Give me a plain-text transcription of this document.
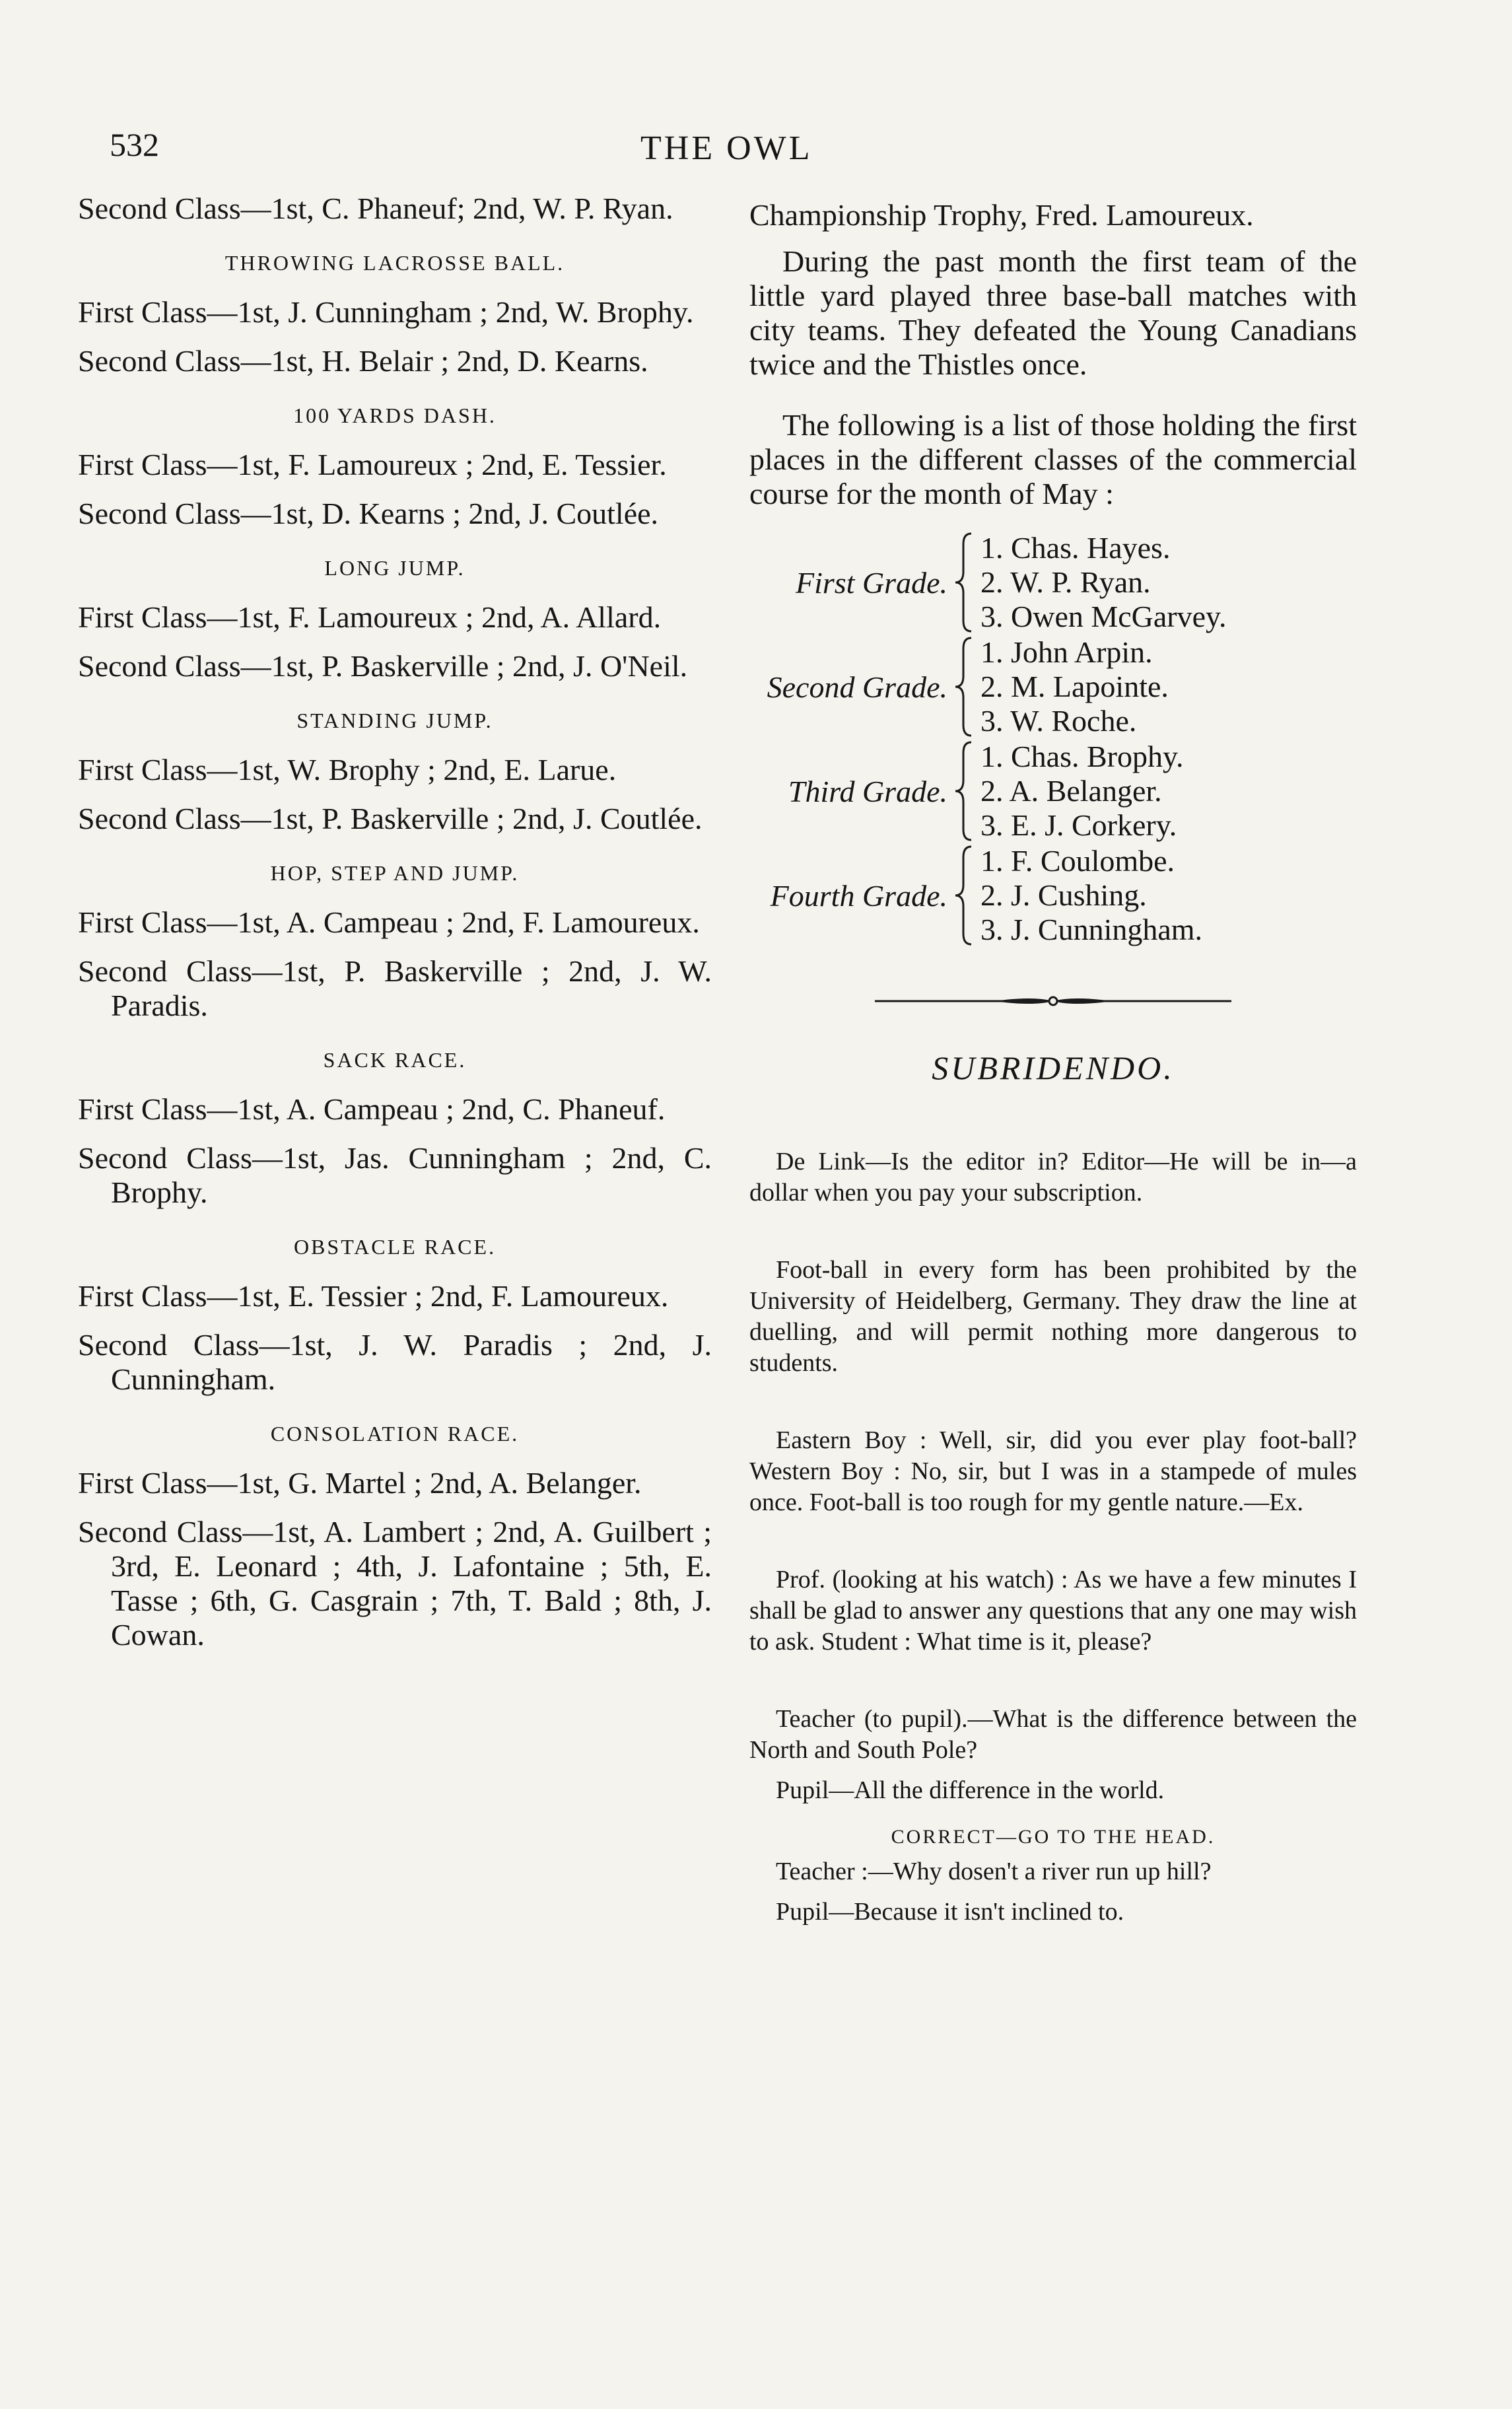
532	THE OWL

Second Class—1st, C. Phaneuf; 2nd, W. P. Ryan.

THROWING LACROSSE BALL.

First Class—1st, J. Cunningham ; 2nd, W. Brophy.

Second Class—1st, H. Belair ; 2nd, D. Kearns.

100 YARDS DASH.

First Class—1st, F. Lamoureux ; 2nd, E. Tessier.

Second Class—1st, D. Kearns ; 2nd, J. Coutlée.

LONG JUMP.

First Class—1st, F. Lamoureux ; 2nd, A. Allard.

Second Class—1st, P. Baskerville ; 2nd, J. O'Neil.

STANDING JUMP.

First Class—1st, W. Brophy ; 2nd, E. Larue.

Second Class—1st, P. Baskerville ; 2nd, J. Coutlée.

HOP, STEP AND JUMP.

First Class—1st, A. Campeau ; 2nd, F. Lamoureux.

Second Class—1st, P. Baskerville ; 2nd, J. W. Paradis.

SACK RACE.

First Class—1st, A. Campeau ; 2nd, C. Phaneuf.

Second Class—1st, Jas. Cunningham ; 2nd, C. Brophy.

OBSTACLE RACE.

First Class—1st, E. Tessier ; 2nd, F. Lamoureux.

Second Class—1st, J. W. Paradis ; 2nd, J. Cunningham.

CONSOLATION RACE.

First Class—1st, G. Martel ; 2nd, A. Belanger.

Second Class—1st, A. Lambert ; 2nd, A. Guilbert ; 3rd, E. Leonard ; 4th, J. Lafontaine ; 5th, E. Tasse ; 6th, G. Casgrain ; 7th, T. Bald ; 8th, J. Cowan.

Championship Trophy, Fred. Lamoureux.

During the past month the first team of the little yard played three base-ball matches with city teams. They defeated the Young Canadians twice and the Thistles once.

The following is a list of those holding the first places in the different classes of the commercial course for the month of May :

First Grade.
1. Chas. Hayes.
2. W. P. Ryan.
3. Owen McGarvey.
Second Grade.
1. John Arpin.
2. M. Lapointe.
3. W. Roche.
Third Grade.
1. Chas. Brophy.
2. A. Belanger.
3. E. J. Corkery.
Fourth Grade.
1. F. Coulombe.
2. J. Cushing.
3. J. Cunningham.
SUBRIDENDO.

De Link—Is the editor in? Editor—He will be in—a dollar when you pay your subscription.

Foot-ball in every form has been prohibited by the University of Heidelberg, Germany. They draw the line at duelling, and will permit nothing more dangerous to students.

Eastern Boy : Well, sir, did you ever play foot-ball? Western Boy : No, sir, but I was in a stampede of mules once. Foot-ball is too rough for my gentle nature.—Ex.

Prof. (looking at his watch) : As we have a few minutes I shall be glad to answer any questions that any one may wish to ask. Student : What time is it, please?

Teacher (to pupil).—What is the difference between the North and South Pole?

Pupil—All the difference in the world.

CORRECT—GO TO THE HEAD.

Teacher :—Why dosen't a river run up hill?

Pupil—Because it isn't inclined to.
